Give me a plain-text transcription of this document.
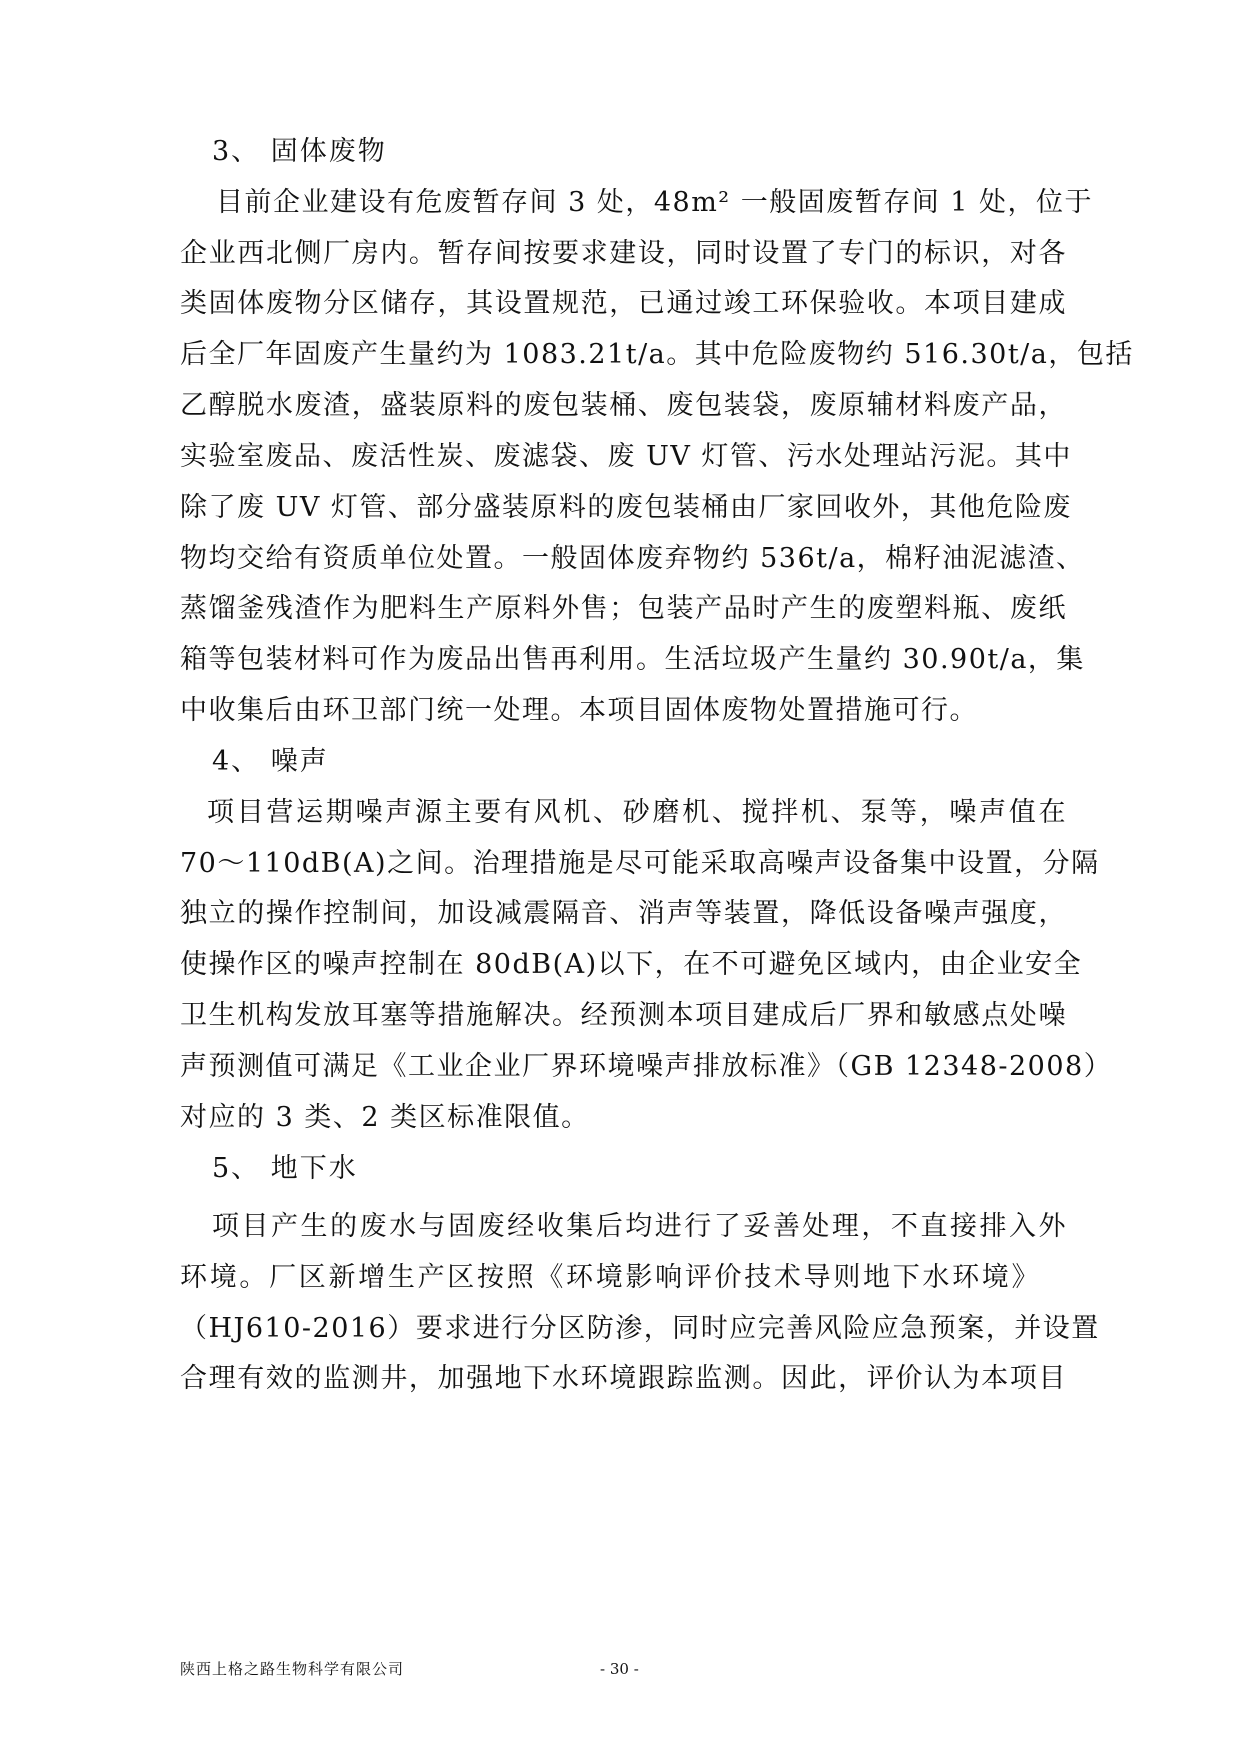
3、 固体废物
目前企业建设有危废暂存间 3 处，48m² 一般固废暂存间 1 处，位于
企业西北侧厂房内。暂存间按要求建设，同时设置了专门的标识，对各
类固体废物分区储存，其设置规范，已通过竣工环保验收。本项目建成
后全厂年固废产生量约为 1083.21t/a。其中危险废物约 516.30t/a，包括
乙醇脱水废渣，盛装原料的废包装桶、废包装袋，废原辅材料废产品，
实验室废品、废活性炭、废滤袋、废 UV 灯管、污水处理站污泥。其中
除了废 UV 灯管、部分盛装原料的废包装桶由厂家回收外，其他危险废
物均交给有资质单位处置。一般固体废弃物约 536t/a，棉籽油泥滤渣、
蒸馏釜残渣作为肥料生产原料外售；包装产品时产生的废塑料瓶、废纸
箱等包装材料可作为废品出售再利用。生活垃圾产生量约 30.90t/a，集
中收集后由环卫部门统一处理。本项目固体废物处置措施可行。
4、 噪声
项目营运期噪声源主要有风机、砂磨机、搅拌机、泵等，噪声值在
70～110dB(A)之间。治理措施是尽可能采取高噪声设备集中设置，分隔
独立的操作控制间，加设减震隔音、消声等装置，降低设备噪声强度，
使操作区的噪声控制在 80dB(A)以下，在不可避免区域内，由企业安全
卫生机构发放耳塞等措施解决。经预测本项目建成后厂界和敏感点处噪
声预测值可满足《工业企业厂界环境噪声排放标准》（GB 12348-2008）
对应的 3 类、2 类区标准限值。
5、 地下水
项目产生的废水与固废经收集后均进行了妥善处理，不直接排入外
环境。厂区新增生产区按照《环境影响评价技术导则地下水环境》
（HJ610-2016）要求进行分区防渗，同时应完善风险应急预案，并设置
合理有效的监测井，加强地下水环境跟踪监测。因此，评价认为本项目
陕西上格之路生物科学有限公司	- 30 -
